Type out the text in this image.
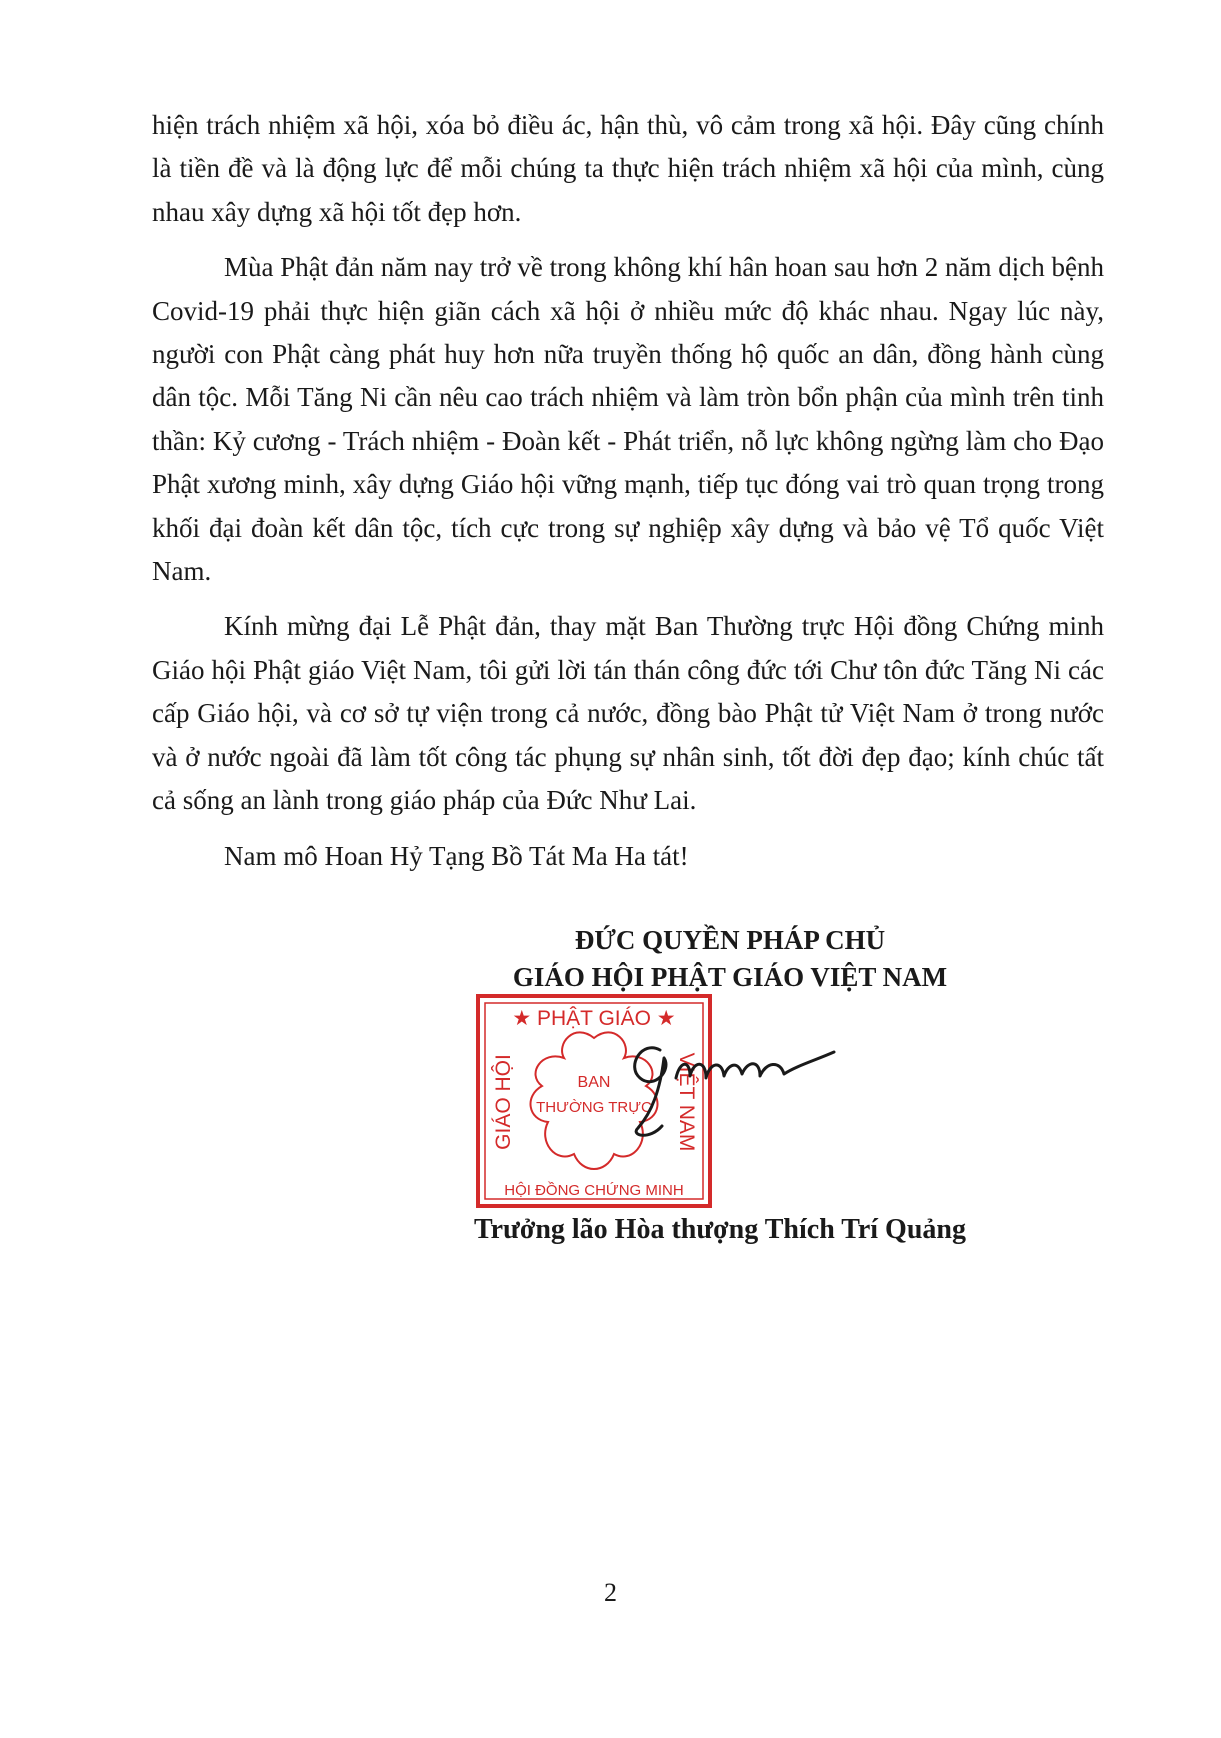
hiện trách nhiệm xã hội, xóa bỏ điều ác, hận thù, vô cảm trong xã hội. Đây cũng chính là tiền đề và là động lực để mỗi chúng ta thực hiện trách nhiệm xã hội của mình, cùng nhau xây dựng xã hội tốt đẹp hơn.

Mùa Phật đản năm nay trở về trong không khí hân hoan sau hơn 2 năm dịch bệnh Covid-19 phải thực hiện giãn cách xã hội ở nhiều mức độ khác nhau. Ngay lúc này, người con Phật càng phát huy hơn nữa truyền thống hộ quốc an dân, đồng hành cùng dân tộc. Mỗi Tăng Ni cần nêu cao trách nhiệm và làm tròn bổn phận của mình trên tinh thần: Kỷ cương - Trách nhiệm - Đoàn kết - Phát triển, nỗ lực không ngừng làm cho Đạo Phật xương minh, xây dựng Giáo hội vững mạnh, tiếp tục đóng vai trò quan trọng trong khối đại đoàn kết dân tộc, tích cực trong sự nghiệp xây dựng và bảo vệ Tổ quốc Việt Nam.

Kính mừng đại Lễ Phật đản, thay mặt Ban Thường trực Hội đồng Chứng minh Giáo hội Phật giáo Việt Nam, tôi gửi lời tán thán công đức tới Chư tôn đức Tăng Ni các cấp Giáo hội, và cơ sở tự viện trong cả nước, đồng bào Phật tử Việt Nam ở trong nước và ở nước ngoài đã làm tốt công tác phụng sự nhân sinh, tốt đời đẹp đạo; kính chúc tất cả sống an lành trong giáo pháp của Đức Như Lai.

Nam mô Hoan Hỷ Tạng Bồ Tát Ma Ha tát!

ĐỨC QUYỀN PHÁP CHỦ
GIÁO HỘI PHẬT GIÁO VIỆT NAM
★ PHẬT GIÁO ★
HỘI ĐỒNG CHỨNG MINH
BAN
THƯỜNG TRỰC
GIÁO HỘI	VIỆT NAM
Trưởng lão Hòa thượng Thích Trí Quảng
2
